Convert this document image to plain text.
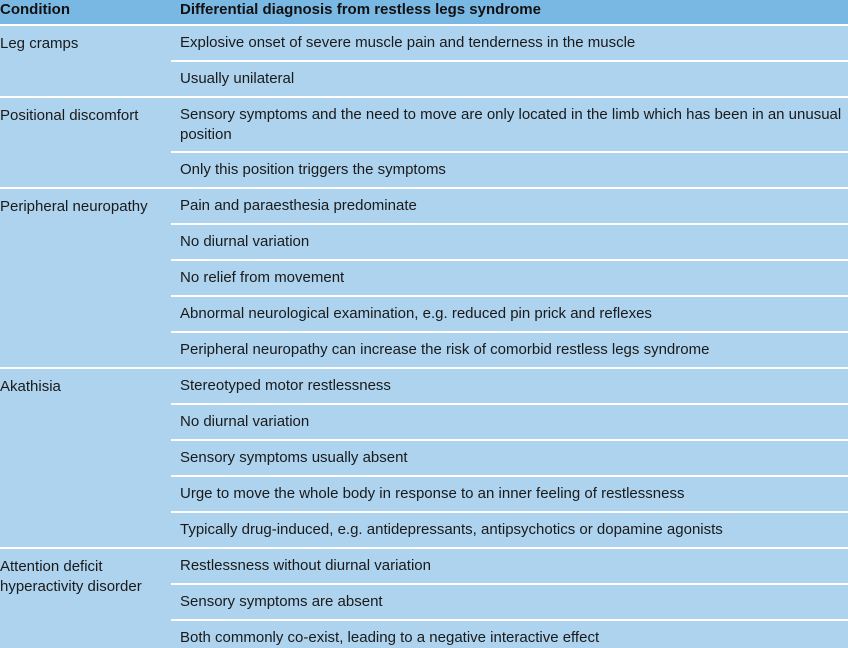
Condition	Differential diagnosis from restless legs syndrome
Leg cramps	Explosive onset of severe muscle pain and tenderness in the muscle
	Usually unilateral
Positional discomfort	Sensory symptoms and the need to move are only located in the limb which has been in an unusual position
	Only this position triggers the symptoms
Peripheral neuropathy	Pain and paraesthesia predominate
	No diurnal variation
	No relief from movement
	Abnormal neurological examination, e.g. reduced pin prick and reflexes
	Peripheral neuropathy can increase the risk of comorbid restless legs syndrome
Akathisia	Stereotyped motor restlessness
	No diurnal variation
	Sensory symptoms usually absent
	Urge to move the whole body in response to an inner feeling of restlessness
	Typically drug-induced, e.g. antidepressants, antipsychotics or dopamine agonists
Attention deficit hyperactivity disorder	Restlessness without diurnal variation
	Sensory symptoms are absent
	Both commonly co-exist, leading to a negative interactive effect
